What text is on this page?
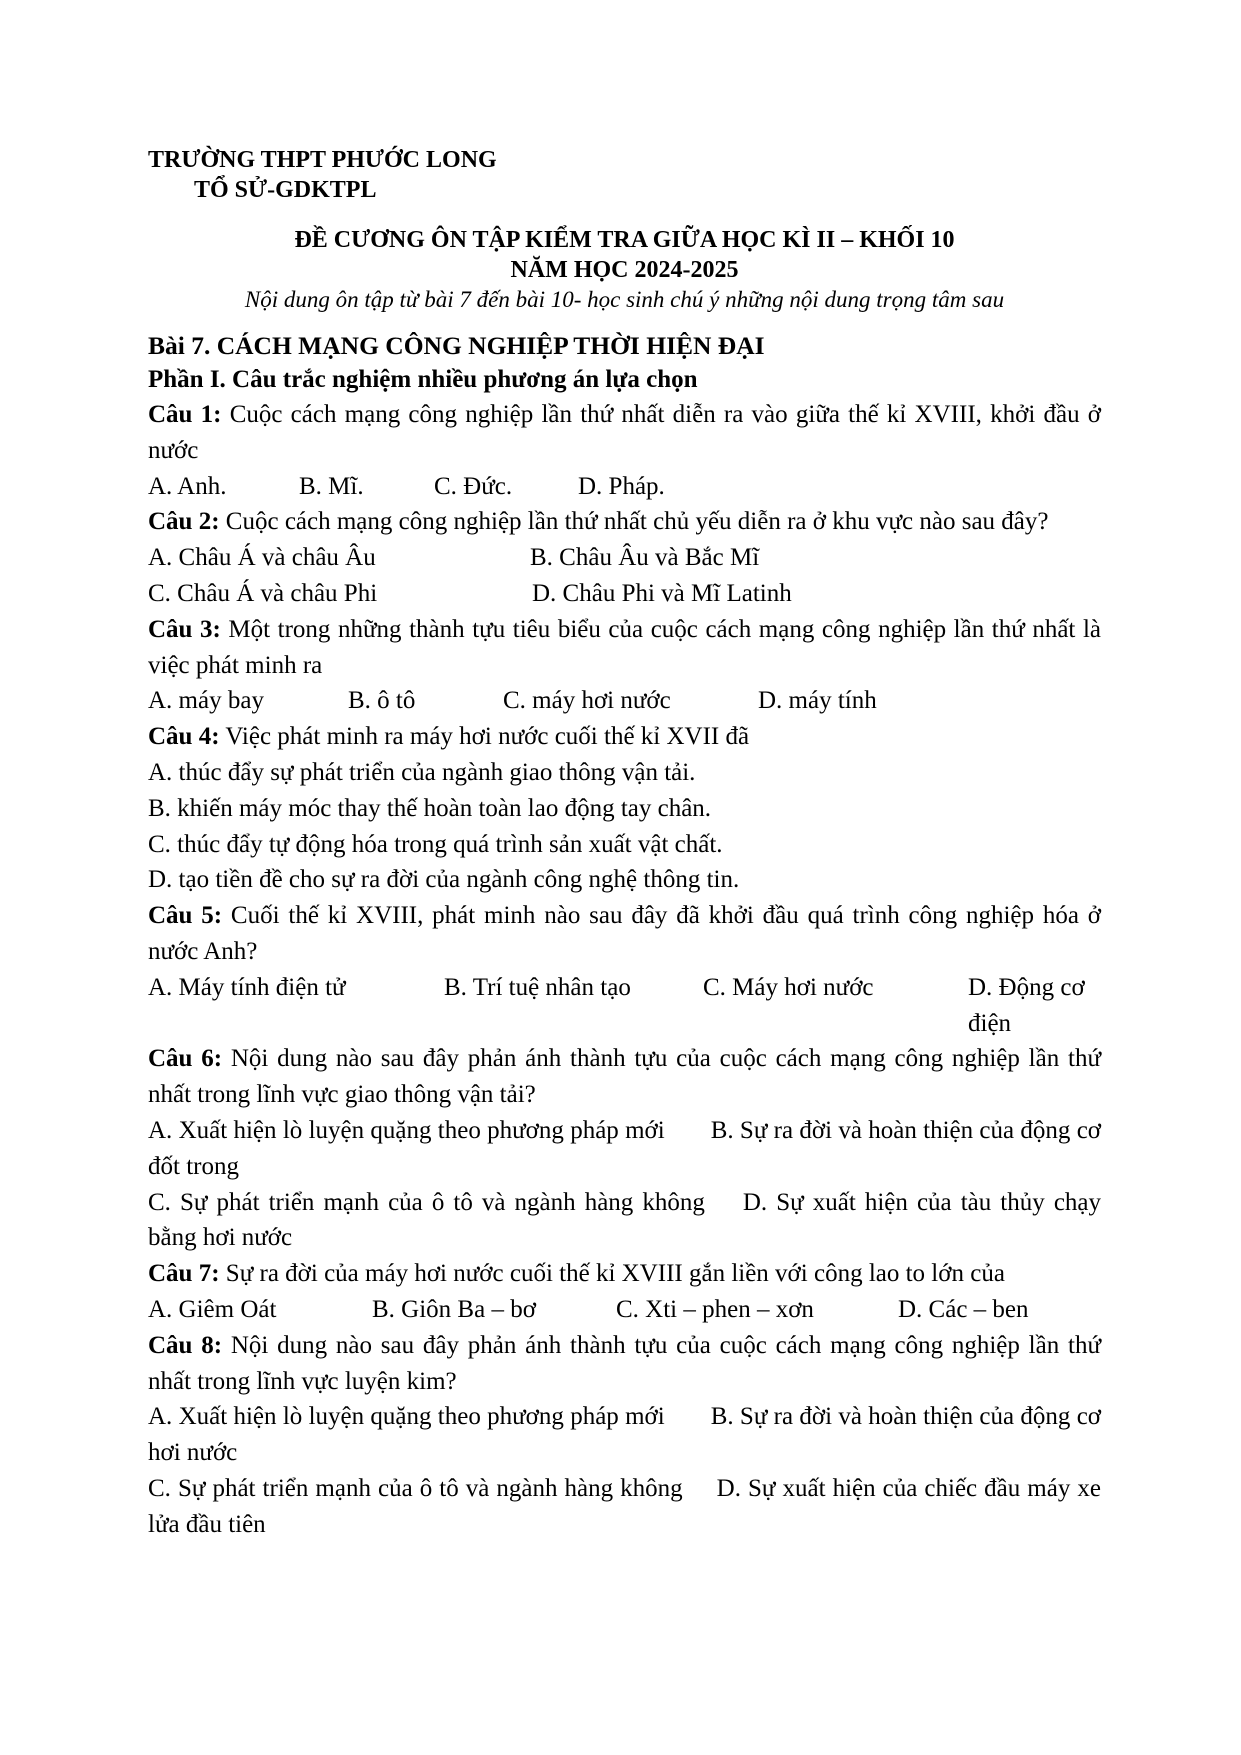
TRƯỜNG THPT PHƯỚC LONG
TỔ SỬ-GDKTPL
ĐỀ CƯƠNG ÔN TẬP KIỂM TRA GIỮA HỌC KÌ II – KHỐI 10
NĂM HỌC 2024-2025
Nội dung ôn tập từ bài 7 đến bài 10- học sinh chú ý những nội dung trọng tâm sau
Bài 7. CÁCH MẠNG CÔNG NGHIỆP THỜI HIỆN ĐẠI
Phần I. Câu trắc nghiệm nhiều phương án lựa chọn
Câu 1: Cuộc cách mạng công nghiệp lần thứ nhất diễn ra vào giữa thế kỉ XVIII, khởi đầu ở nước
A. Anh.	B. Mĩ.	C. Đức.	D. Pháp.
Câu 2: Cuộc cách mạng công nghiệp lần thứ nhất chủ yếu diễn ra ở khu vực nào sau đây?
A. Châu Á và châu Âu	B. Châu Âu và Bắc Mĩ
C. Châu Á và châu Phi	D. Châu Phi và Mĩ Latinh
Câu 3: Một trong những thành tựu tiêu biểu của cuộc cách mạng công nghiệp lần thứ nhất là việc phát minh ra
A. máy bay	B. ô tô	C. máy hơi nước	D. máy tính
Câu 4: Việc phát minh ra máy hơi nước cuối thế kỉ XVII đã
A. thúc đẩy sự phát triển của ngành giao thông vận tải.
B. khiến máy móc thay thế hoàn toàn lao động tay chân.
C. thúc đẩy tự động hóa trong quá trình sản xuất vật chất.
D. tạo tiền đề cho sự ra đời của ngành công nghệ thông tin.
Câu 5: Cuối thế kỉ XVIII, phát minh nào sau đây đã khởi đầu quá trình công nghiệp hóa ở nước Anh?
A. Máy tính điện tử	B. Trí tuệ nhân tạo	C. Máy hơi nước	D. Động cơ điện
Câu 6: Nội dung nào sau đây phản ánh thành tựu của cuộc cách mạng công nghiệp lần thứ nhất trong lĩnh vực giao thông vận tải?
A. Xuất hiện lò luyện quặng theo phương pháp mới B. Sự ra đời và hoàn thiện của động cơ đốt trong
C. Sự phát triển mạnh của ô tô và ngành hàng không D. Sự xuất hiện của tàu thủy chạy bằng hơi nước
Câu 7: Sự ra đời của máy hơi nước cuối thế kỉ XVIII gắn liền với công lao to lớn của
A. Giêm Oát	B. Giôn Ba – bơ	C. Xti – phen – xơn	D. Các – ben
Câu 8: Nội dung nào sau đây phản ánh thành tựu của cuộc cách mạng công nghiệp lần thứ nhất trong lĩnh vực luyện kim?
A. Xuất hiện lò luyện quặng theo phương pháp mới B. Sự ra đời và hoàn thiện của động cơ hơi nước
C. Sự phát triển mạnh của ô tô và ngành hàng không D. Sự xuất hiện của chiếc đầu máy xe lửa đầu tiên
